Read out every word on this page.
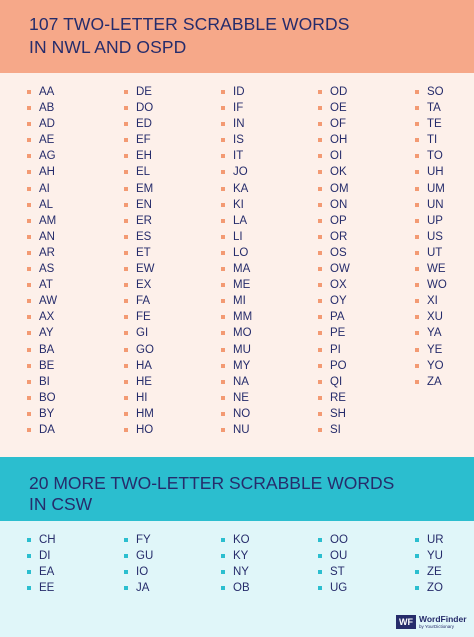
107 TWO-LETTER SCRABBLE WORDS
IN NWL AND OSPD
AA
AB
AD
AE
AG
AH
AI
AL
AM
AN
AR
AS
AT
AW
AX
AY
BA
BE
BI
BO
BY
DA
DE
DO
ED
EF
EH
EL
EM
EN
ER
ES
ET
EW
EX
FA
FE
GI
GO
HA
HE
HI
HM
HO
ID
IF
IN
IS
IT
JO
KA
KI
LA
LI
LO
MA
ME
MI
MM
MO
MU
MY
NA
NE
NO
NU
OD
OE
OF
OH
OI
OK
OM
ON
OP
OR
OS
OW
OX
OY
PA
PE
PI
PO
QI
RE
SH
SI
SO
TA
TE
TI
TO
UH
UM
UN
UP
US
UT
WE
WO
XI
XU
YA
YE
YO
ZA
20 MORE TWO-LETTER SCRABBLE WORDS
IN CSW
CH
DI
EA
EE
FY
GU
IO
JA
KO
KY
NY
OB
OO
OU
ST
UG
UR
YU
ZE
ZO
WF WordFinder
by YourDictionary
